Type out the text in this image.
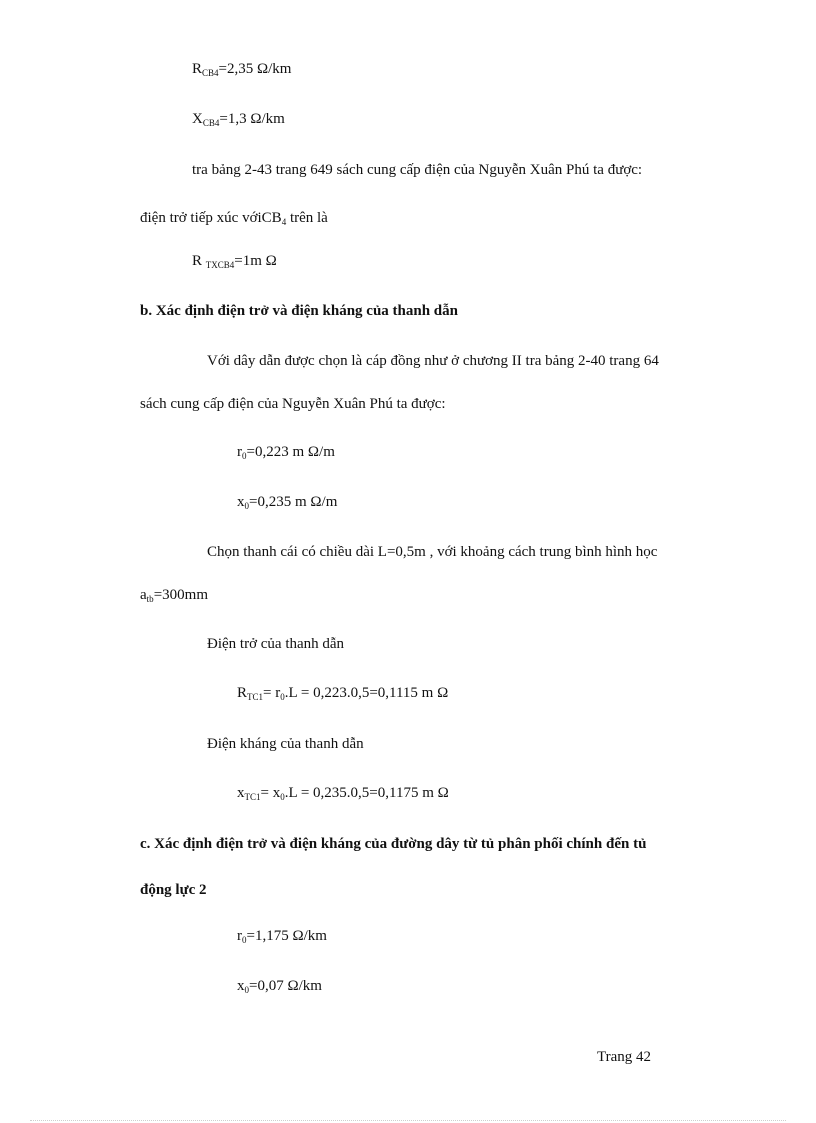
$R_{CB4}=2,35$ Ω/km
$X_{CB4}=1,3$ Ω/km
tra bảng 2-43 trang 649 sách cung cấp điện của Nguyễn Xuân Phú ta được:
điện trở tiếp xúc vớiCB$_4$ trên là
R $_{TXCB4}$=1m Ω
b. Xác định điện trở và điện kháng của thanh dẫn
Với dây dẫn được chọn là cáp đồng như ở chương II tra bảng 2-40 trang 64
sách cung cấp điện của Nguyễn Xuân Phú ta được:
$r_0=0,223$ m Ω/m
$x_0=0,235$ m Ω/m
Chọn thanh cái có chiều dài L=0,5m , với khoảng cách trung bình hình học
$a_{tb}=300mm$
Điện trở của thanh dẫn
$R_{TC1}= r_0.L = 0,223.0,5=0,1115$ m Ω
Điện kháng của thanh dẫn
$x_{TC1}= x_0.L = 0,235.0,5=0,1175$ m Ω
c. Xác định điện trở và điện kháng của đường dây từ tủ phân phối chính đến tủ
động lực 2
$r_0=1,175$ Ω/km
$x_0=0,07$ Ω/km
Trang 42
